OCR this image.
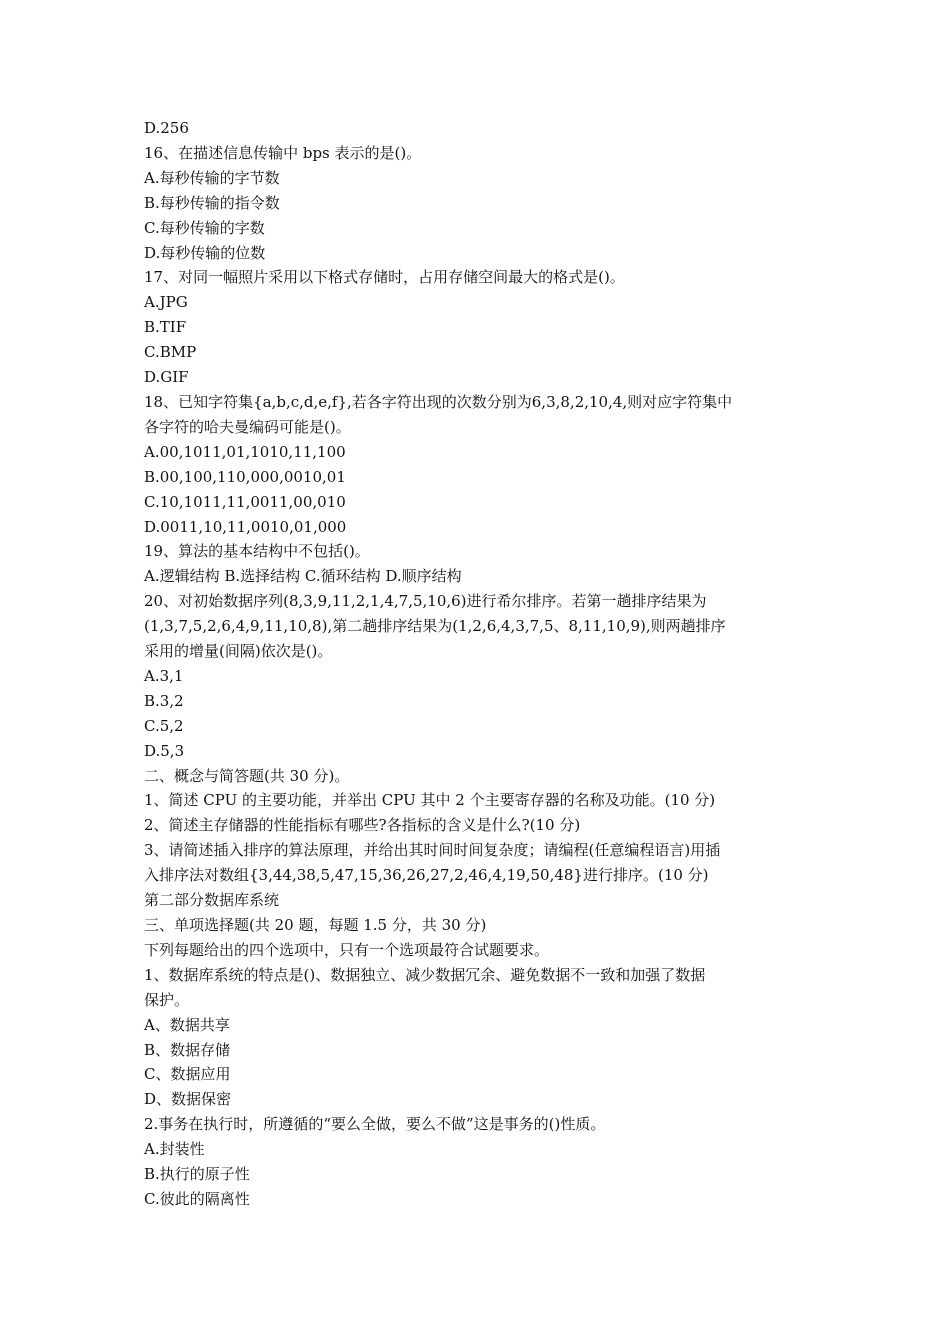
D.256

16、在描述信息传输中 bps 表示的是()。

A.每秒传输的字节数

B.每秒传输的指令数

C.每秒传输的字数

D.每秒传输的位数

17、对同一幅照片采用以下格式存储时，占用存储空间最大的格式是()。

A.JPG

B.TIF

C.BMP

D.GIF

18、已知字符集{a,b,c,d,e,f},若各字符出现的次数分别为6,3,8,2,10,4,则对应字符集中

各字符的哈夫曼编码可能是()。

A.00,1011,01,1010,11,100

B.00,100,110,000,0010,01

C.10,1011,11,0011,00,010

D.0011,10,11,0010,01,000

19、算法的基本结构中不包括()。

A.逻辑结构 B.选择结构 C.循环结构 D.顺序结构

20、对初始数据序列(8,3,9,11,2,1,4,7,5,10,6)进行希尔排序。若第一趟排序结果为

(1,3,7,5,2,6,4,9,11,10,8),第二趟排序结果为(1,2,6,4,3,7,5、8,11,10,9),则两趟排序

采用的增量(间隔)依次是()。

A.3,1

B.3,2

C.5,2

D.5,3

二、概念与简答题(共 30 分)。

1、简述 CPU 的主要功能，并举出 CPU 其中 2 个主要寄存器的名称及功能。(10 分)

2、简述主存储器的性能指标有哪些?各指标的含义是什么?(10 分)

3、请简述插入排序的算法原理，并给出其时间时间复杂度；请编程(任意编程语言)用插

入排序法对数组{3,44,38,5,47,15,36,26,27,2,46,4,19,50,48}进行排序。(10 分)

第二部分数据库系统

三、单项选择题(共 20 题，每题 1.5 分，共 30 分)

下列每题给出的四个选项中，只有一个选项最符合试题要求。

1、数据库系统的特点是()、数据独立、减少数据冗余、避免数据不一致和加强了数据

保护。

A、数据共享

B、数据存储

C、数据应用

D、数据保密

2.事务在执行时，所遵循的“要么全做，要么不做”这是事务的()性质。

A.封装性

B.执行的原子性

C.彼此的隔离性
